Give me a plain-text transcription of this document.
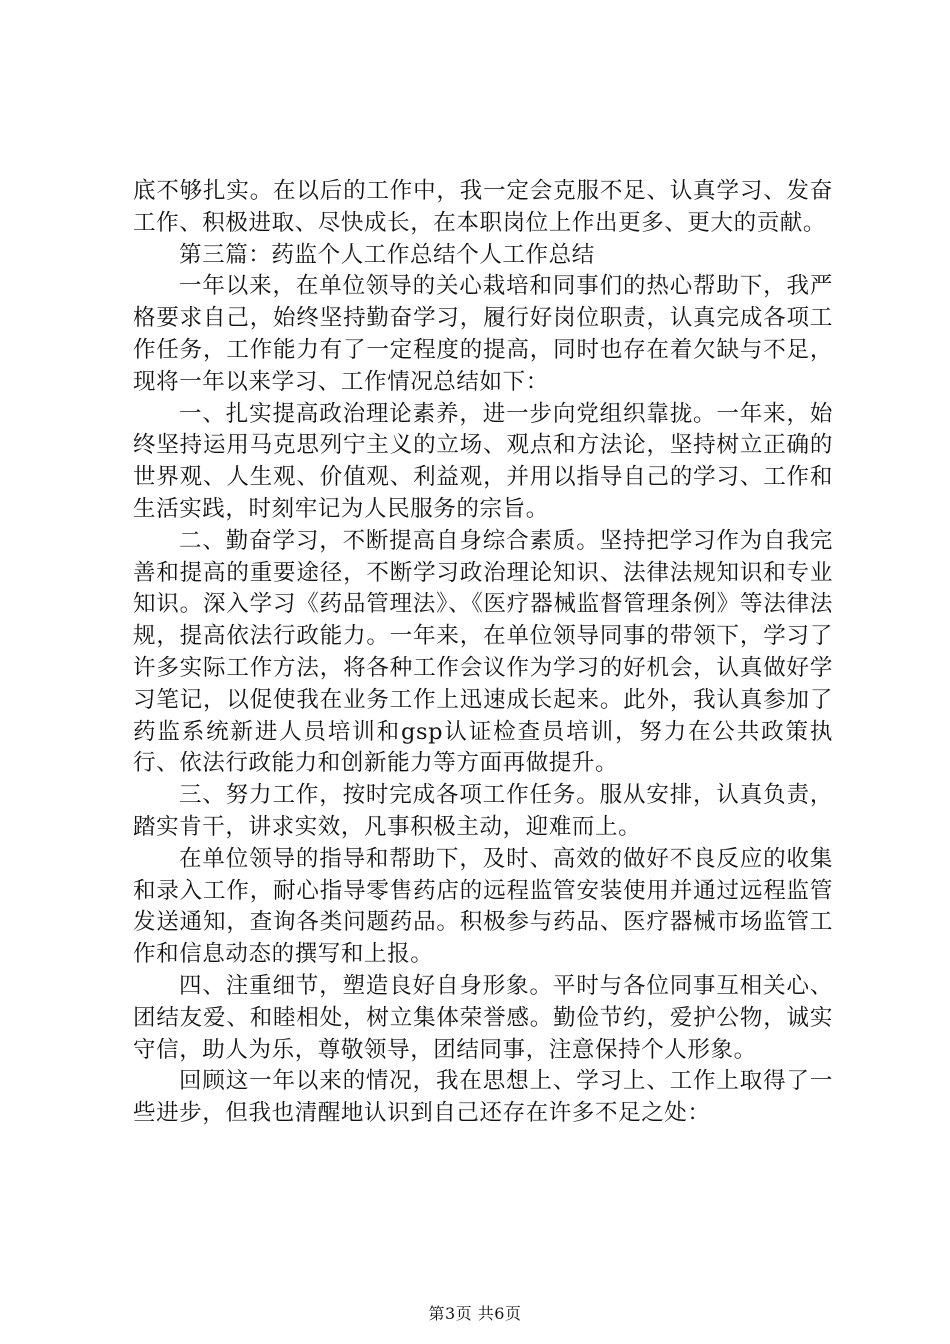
底不够扎实。在以后的工作中，我一定会克服不足、认真学习、发奋工作、积极进取、尽快成长，在本职岗位上作出更多、更大的贡献。

第三篇：药监个人工作总结个人工作总结

一年以来，在单位领导的关心栽培和同事们的热心帮助下，我严格要求自己，始终坚持勤奋学习，履行好岗位职责，认真完成各项工作任务，工作能力有了一定程度的提高，同时也存在着欠缺与不足，现将一年以来学习、工作情况总结如下：

一、扎实提高政治理论素养，进一步向党组织靠拢。一年来，始终坚持运用马克思列宁主义的立场、观点和方法论，坚持树立正确的世界观、人生观、价值观、利益观，并用以指导自己的学习、工作和生活实践，时刻牢记为人民服务的宗旨。

二、勤奋学习，不断提高自身综合素质。坚持把学习作为自我完善和提高的重要途径，不断学习政治理论知识、法律法规知识和专业知识。深入学习《药品管理法》、《医疗器械监督管理条例》等法律法规，提高依法行政能力。一年来，在单位领导同事的带领下，学习了许多实际工作方法，将各种工作会议作为学习的好机会，认真做好学习笔记，以促使我在业务工作上迅速成长起来。此外，我认真参加了药监系统新进人员培训和gsp认证检查员培训，努力在公共政策执行、依法行政能力和创新能力等方面再做提升。

三、努力工作，按时完成各项工作任务。服从安排，认真负责，踏实肯干，讲求实效，凡事积极主动，迎难而上。

在单位领导的指导和帮助下，及时、高效的做好不良反应的收集和录入工作，耐心指导零售药店的远程监管安装使用并通过远程监管发送通知，查询各类问题药品。积极参与药品、医疗器械市场监管工作和信息动态的撰写和上报。

四、注重细节，塑造良好自身形象。平时与各位同事互相关心、团结友爱、和睦相处，树立集体荣誉感。勤俭节约，爱护公物，诚实守信，助人为乐，尊敬领导，团结同事，注意保持个人形象。

回顾这一年以来的情况，我在思想上、学习上、工作上取得了一些进步，但我也清醒地认识到自己还存在许多不足之处：

第3页 共6页
